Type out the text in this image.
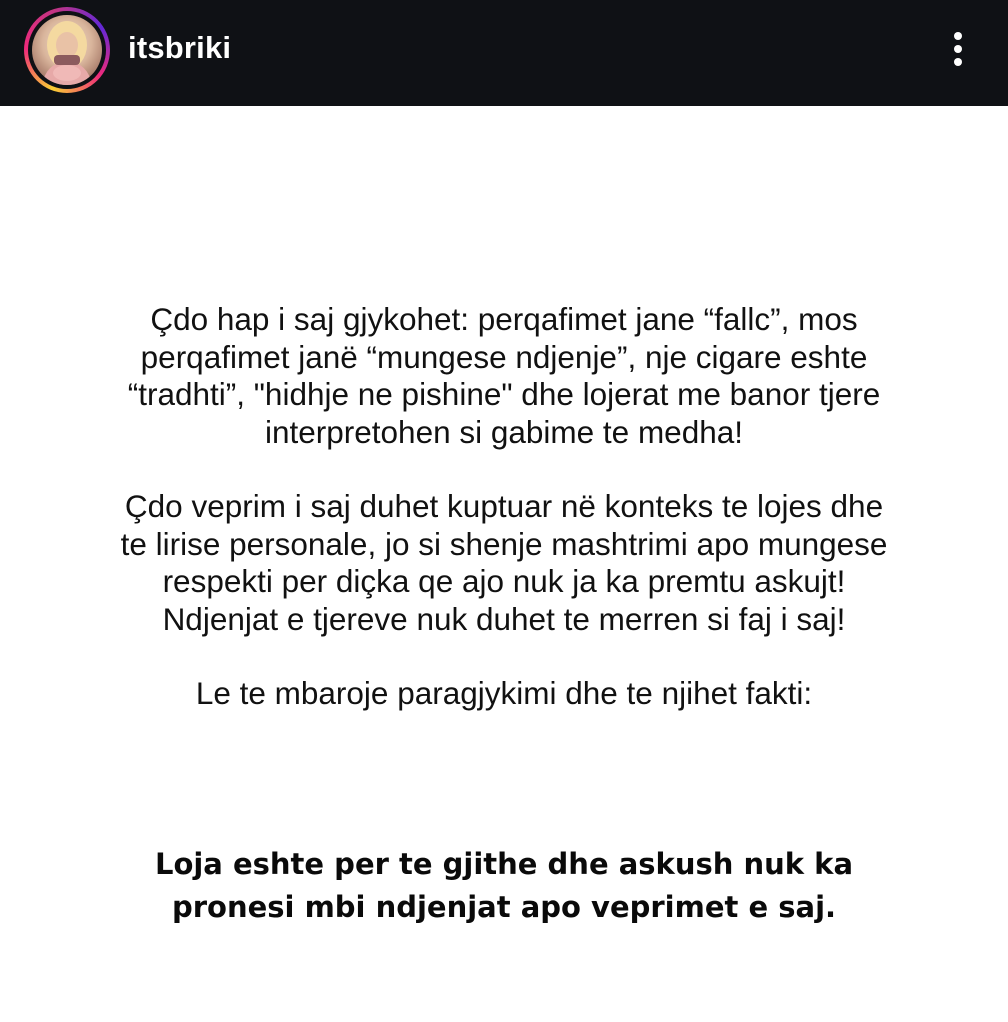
itsbriki
Çdo hap i saj gjykohet: perqafimet jane “fallc”, mos
perqafimet janë “mungese ndjenje”, nje cigare eshte
“tradhti”, "hidhje ne pishine" dhe lojerat me banor tjere
interpretohen si gabime te medha!
Çdo veprim i saj duhet kuptuar në konteks te lojes dhe
te lirise personale, jo si shenje mashtrimi apo mungese
respekti per diçka qe ajo nuk ja ka premtu askujt!
Ndjenjat e tjereve nuk duhet te merren si faj i saj!
Le te mbaroje paragjykimi dhe te njihet fakti:
Loja eshte per te gjithe dhe askush nuk ka
pronesi mbi ndjenjat apo veprimet e saj.
